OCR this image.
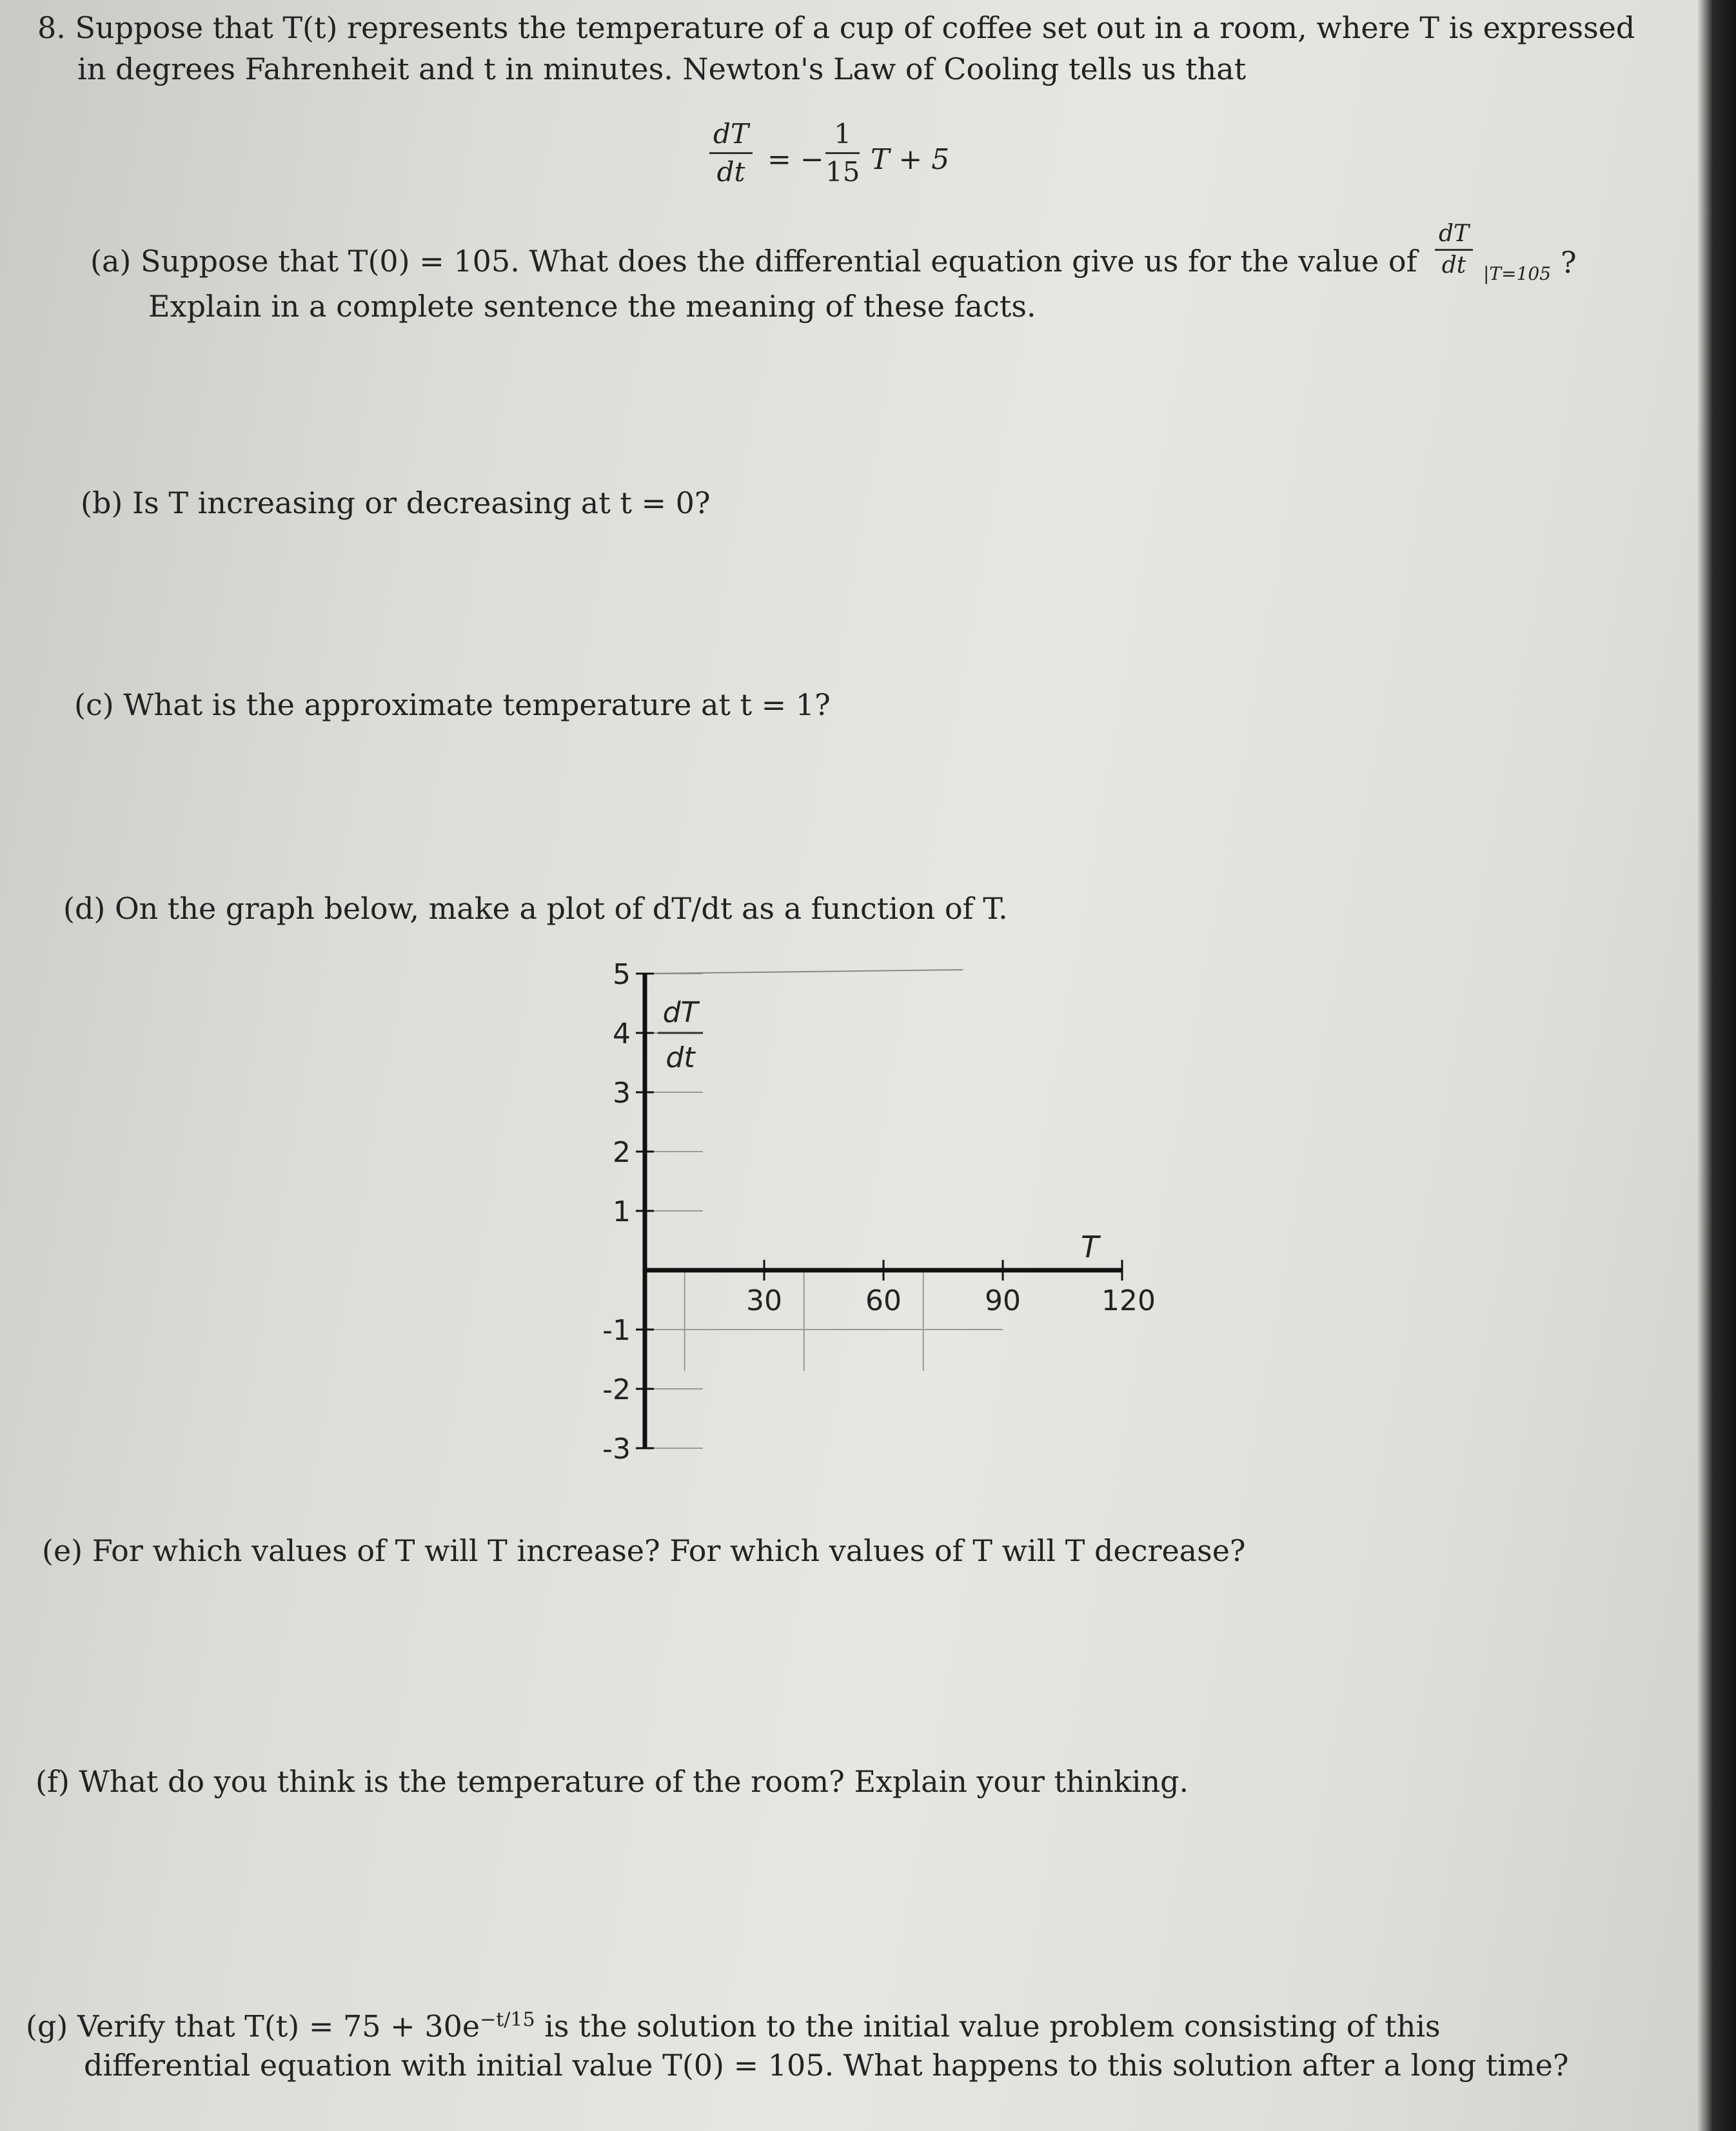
8. Suppose that T(t) represents the temperature of a cup of coffee set out in a room, where T is expressed
in degrees Fahrenheit and t in minutes. Newton's Law of Cooling tells us that
$\frac{dT}{dt}$ = − $\frac{1}{15}$ T + 5
(a) Suppose that T(0) = 105. What does the differential equation give us for the value of $\frac{dT}{dt} |T=105$ ?
Explain in a complete sentence the meaning of these facts.
(b) Is T increasing or decreasing at t = 0?
(c) What is the approximate temperature at t = 1?
(d) On the graph below, make a plot of dT/dt as a function of T.
5
4
3
2
1
-1
-2
-3
30	60	90	120
dT
dt
T
(e) For which values of T will T increase? For which values of T will T decrease?
(f) What do you think is the temperature of the room? Explain your thinking.
(g) Verify that $T(t) = 75 + 30e^{-t/15}$ is the solution to the initial value problem consisting of this
differential equation with initial value T(0) = 105. What happens to this solution after a long time?
